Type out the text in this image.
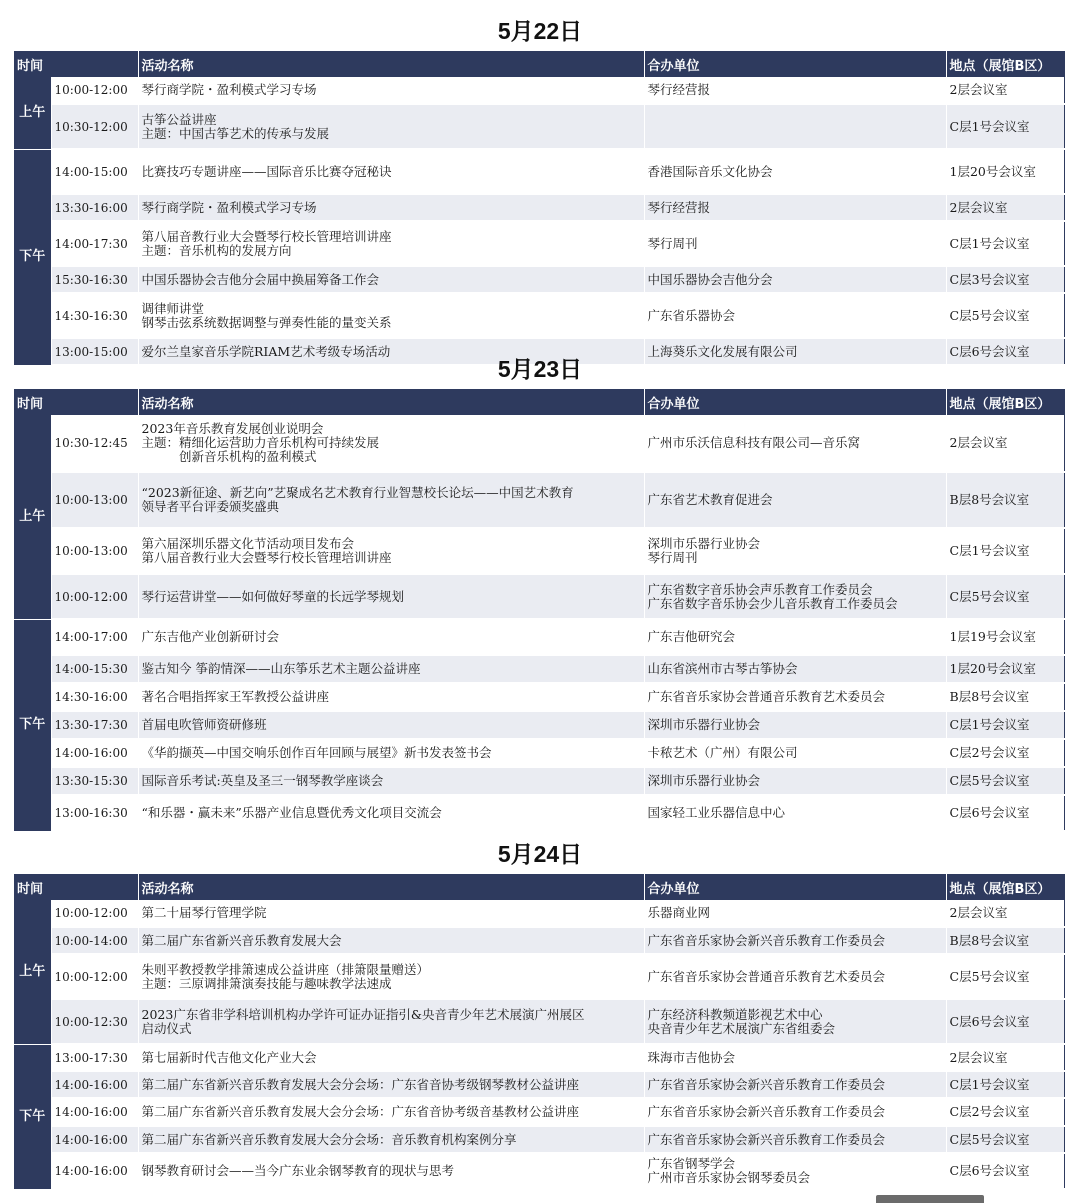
5月22日
时间		活动名称	合办单位	地点（展馆B区）
上午	10:00-12:00	琴行商学院・盈利模式学习专场	琴行经营报	2层会议室
	10:30-12:00	古筝公益讲座
主题：中国古筝艺术的传承与发展		C层1号会议室
下午	14:00-15:00	比赛技巧专题讲座——国际音乐比赛夺冠秘诀	香港国际音乐文化协会	1层20号会议室
	13:30-16:00	琴行商学院・盈利模式学习专场	琴行经营报	2层会议室
	14:00-17:30	第八届音教行业大会暨琴行校长管理培训讲座
主题：音乐机构的发展方向	琴行周刊	C层1号会议室
	15:30-16:30	中国乐器协会吉他分会届中换届筹备工作会	中国乐器协会吉他分会	C层3号会议室
	14:30-16:30	调律师讲堂
钢琴击弦系统数据调整与弹奏性能的量变关系	广东省乐器协会	C层5号会议室
	13:00-15:00	爱尔兰皇家音乐学院RIAM艺术考级专场活动	上海葵乐文化发展有限公司	C层6号会议室
5月23日
时间		活动名称	合办单位	地点（展馆B区）
上午	10:30-12:45	2023年音乐教育发展创业说明会
主题：精细化运营助力音乐机构可持续发展
　　　创新音乐机构的盈利模式	广州市乐沃信息科技有限公司—音乐窝	2层会议室
	10:00-13:00	“2023新征途、新艺向”艺聚成名艺术教育行业智慧校长论坛——中国艺术教育
领导者平台评委颁奖盛典	广东省艺术教育促进会	B层8号会议室
	10:00-13:00	第六届深圳乐器文化节活动项目发布会
第八届音教行业大会暨琴行校长管理培训讲座	深圳市乐器行业协会
琴行周刊	C层1号会议室
	10:00-12:00	琴行运营讲堂——如何做好琴童的长远学琴规划	广东省数字音乐协会声乐教育工作委员会
广东省数字音乐协会少儿音乐教育工作委员会	C层5号会议室
下午	14:00-17:00	广东吉他产业创新研讨会	广东吉他研究会	1层19号会议室
	14:00-15:30	鉴古知今 筝韵情深——山东筝乐艺术主题公益讲座	山东省滨州市古琴古筝协会	1层20号会议室
	14:30-16:00	著名合唱指挥家王军教授公益讲座	广东省音乐家协会普通音乐教育艺术委员会	B层8号会议室
	13:30-17:30	首届电吹管师资研修班	深圳市乐器行业协会	C层1号会议室
	14:00-16:00	《华韵撷英—中国交响乐创作百年回顾与展望》新书发表签书会	卡秾艺术（广州）有限公司	C层2号会议室
	13:30-15:30	国际音乐考试:英皇及圣三一钢琴教学座谈会	深圳市乐器行业协会	C层5号会议室
	13:00-16:30	“和乐器・赢未来”乐器产业信息暨优秀文化项目交流会	国家轻工业乐器信息中心	C层6号会议室
5月24日
时间		活动名称	合办单位	地点（展馆B区）
上午	10:00-12:00	第二十届琴行管理学院	乐器商业网	2层会议室
	10:00-14:00	第二届广东省新兴音乐教育发展大会	广东省音乐家协会新兴音乐教育工作委员会	B层8号会议室
	10:00-12:00	朱则平教授教学排箫速成公益讲座（排箫限量赠送）
主题：三原调排箫演奏技能与趣味教学法速成	广东省音乐家协会普通音乐教育艺术委员会	C层5号会议室
	10:00-12:30	2023广东省非学科培训机构办学许可证办证指引&央音青少年艺术展演广州展区
启动仪式	广东经济科教频道影视艺术中心
央音青少年艺术展演广东省组委会	C层6号会议室
下午	13:00-17:30	第七届新时代吉他文化产业大会	珠海市吉他协会	2层会议室
	14:00-16:00	第二届广东省新兴音乐教育发展大会分会场：广东省音协考级钢琴教材公益讲座	广东省音乐家协会新兴音乐教育工作委员会	C层1号会议室
	14:00-16:00	第二届广东省新兴音乐教育发展大会分会场：广东省音协考级音基教材公益讲座	广东省音乐家协会新兴音乐教育工作委员会	C层2号会议室
	14:00-16:00	第二届广东省新兴音乐教育发展大会分会场：音乐教育机构案例分享	广东省音乐家协会新兴音乐教育工作委员会	C层5号会议室
	14:00-16:00	钢琴教育研讨会——当今广东业余钢琴教育的现状与思考	广东省钢琴学会
广州市音乐家协会钢琴委员会	C层6号会议室
